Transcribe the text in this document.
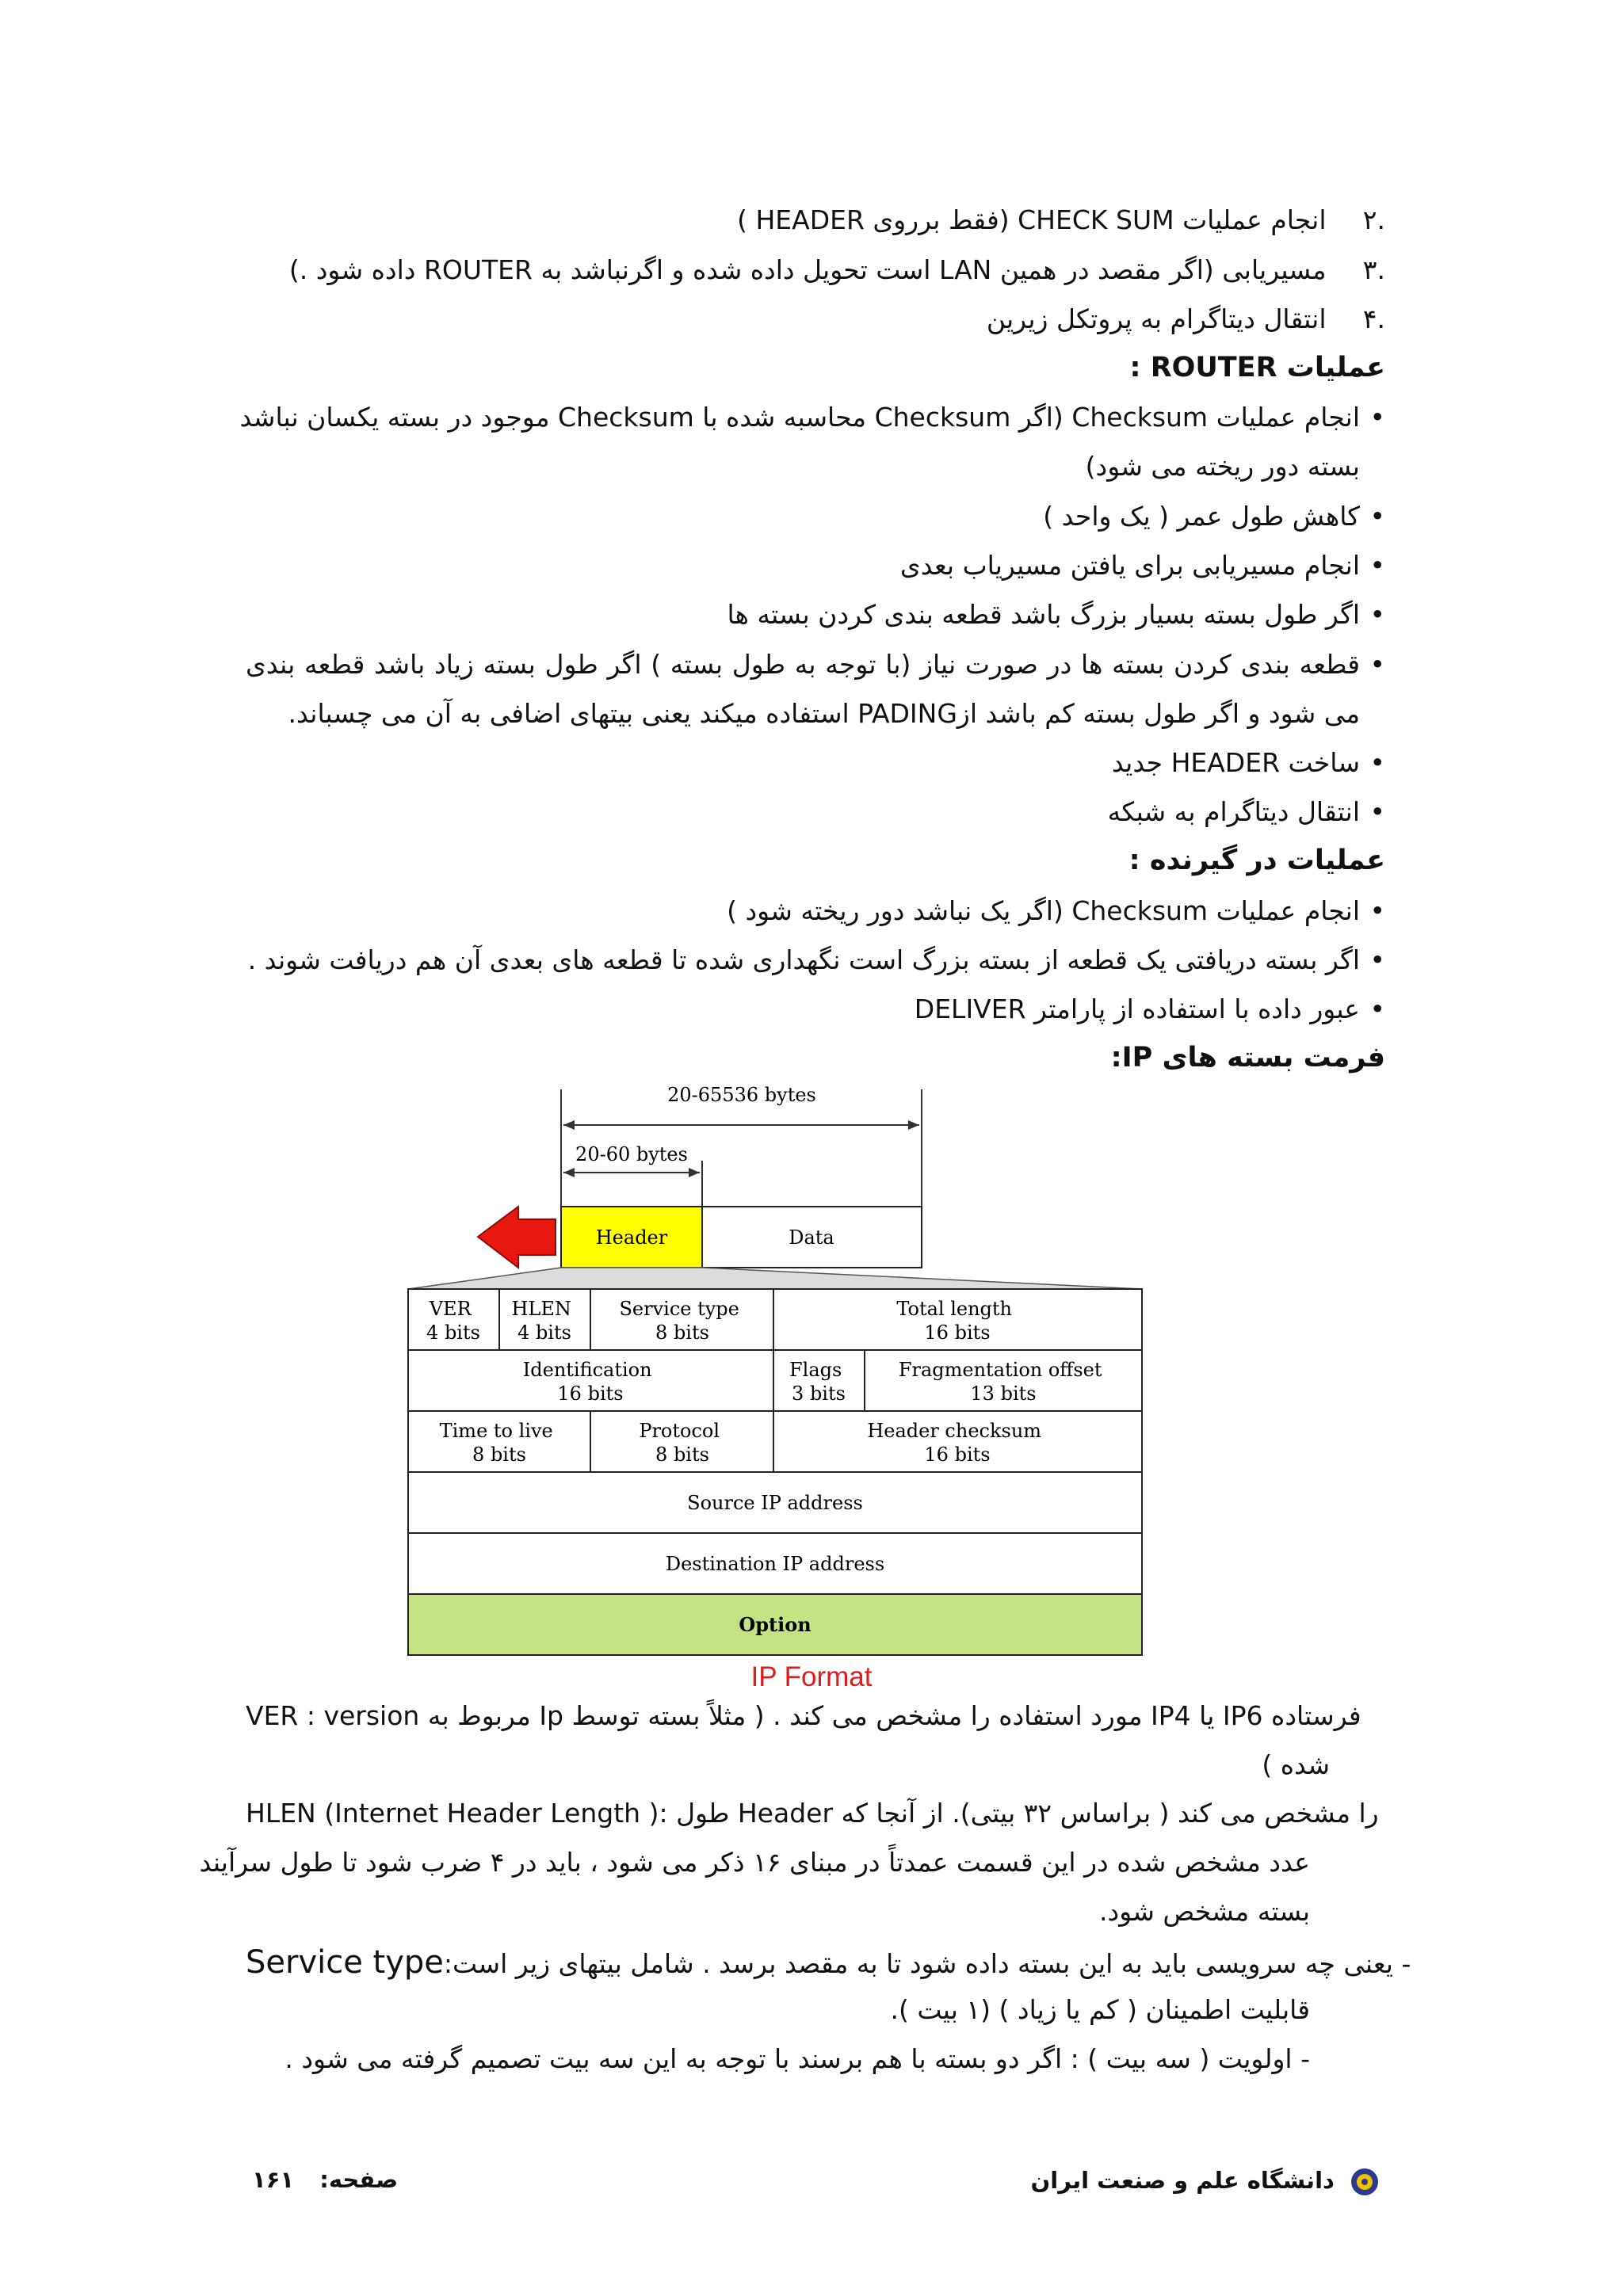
.۲ انجام عملیات CHECK SUM (فقط برروی HEADER )
.۳ مسیریابی (اگر مقصد در همین LAN است تحویل داده شده و اگرنباشد به ROUTER داده شود .)
.۴ انتقال دیتاگرام به پروتکل زیرین
عملیات ROUTER :
انجام عملیات Checksum (اگر Checksum محاسبه شده با Checksum موجود در بسته یکسان نباشد •
بسته دور ریخته می شود)
•کاهش طول عمر ( یک واحد )
•انجام مسیریابی برای یافتن مسیریاب بعدی
•اگر طول بسته بسیار بزرگ باشد قطعه بندی کردن بسته ها
قطعه بندی کردن بسته ها در صورت نیاز (با توجه به طول بسته ) اگر طول بسته زیاد باشد قطعه بندی •
می شود و اگر طول بسته کم باشد ازPADING استفاده میکند یعنی بیتهای اضافی به آن می چسباند.
•ساخت HEADER جدید
•انتقال دیتاگرام به شبکه
عملیات در گیرنده :
•انجام عملیات Checksum (اگر یک نباشد دور ریخته شود )
•اگر بسته دریافتی یک قطعه از بسته بزرگ است نگهداری شده تا قطعه های بعدی آن هم دریافت شوند .
•عبور داده با استفاده از پارامتر DELIVER
فرمت بسته های IP:
20-65536 bytes
20-60 bytes
Header	Data
VER 4 bits
HLEN 4 bits
Service type 8 bits
Total length 16 bits
Identification 16 bits
Flags 3 bits
Fragmentation offset 13 bits
Time to live 8 bits
Protocol 8 bits
Header checksum 16 bits
Source IP address
Destination IP address
Option
IP Format
VER : version مربوط به Ip مورد استفاده را مشخص می کند . ( مثلاً بسته توسط IP4 یا IP6 فرستاده
شده )
HLEN (Internet Header Length ): طول Header را مشخص می کند ( براساس ۳۲ بیتی). از آنجا که
عدد مشخص شده در این قسمت عمدتاً در مبنای ۱۶ ذکر می شود ، باید در ۴ ضرب شود تا طول سرآیند
بسته مشخص شود.
Service type:یعنی چه سرویسی باید به این بسته داده شود تا به مقصد برسد . شامل بیتهای زیر است -
قابلیت اطمینان ( کم یا زیاد ) (۱ بیت ).
- اولویت ( سه بیت ) : اگر دو بسته با هم برسند با توجه به این سه بیت تصمیم گرفته می شود .
دانشگاه علم و صنعت ایران
صفحه: ۱۶۱
